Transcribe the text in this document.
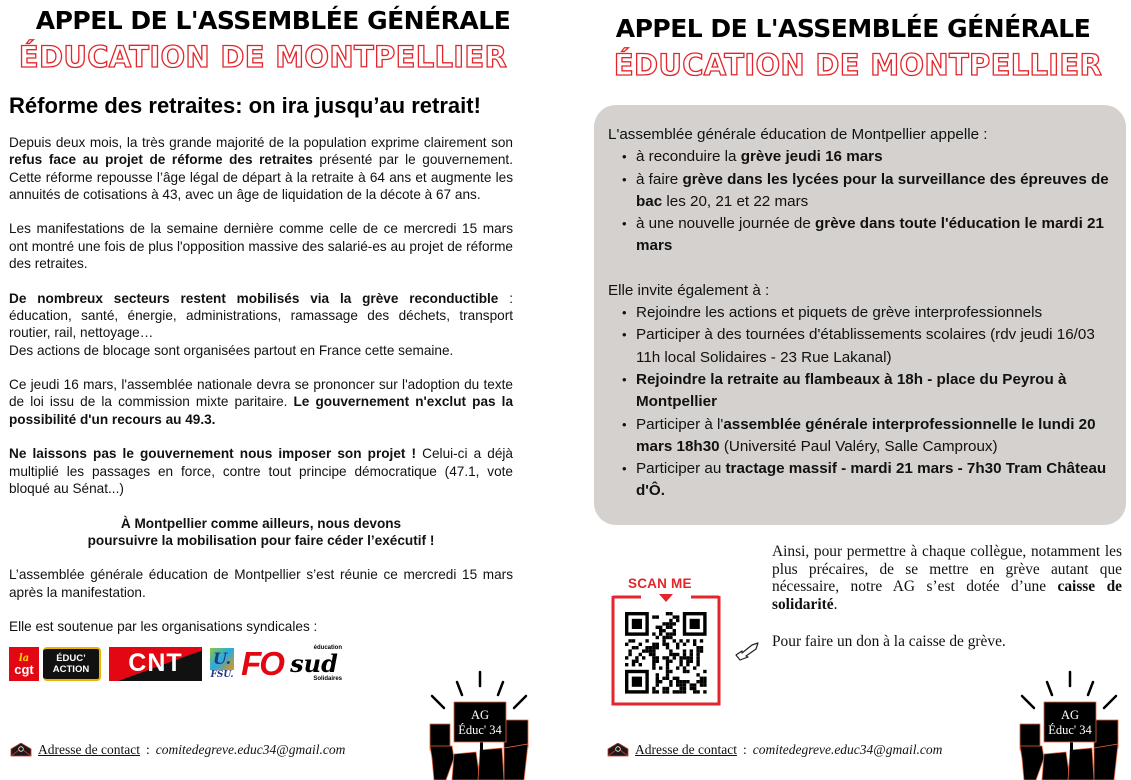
APPEL DE L'ASSEMBLÉE GÉNÉRALE
ÉDUCATION DE MONTPELLIER
Réforme des retraites: on ira jusqu’au retrait!

Depuis deux mois, la très grande majorité de la population exprime clairement son refus face au projet de réforme des retraites présenté par le gouvernement. Cette réforme repousse l’âge légal de départ à la retraite à 64 ans et augmente les annuités de cotisations à 43, avec un âge de liquidation de la décote à 67 ans.

Les manifestations de la semaine dernière comme celle de ce mercredi 15 mars ont montré une fois de plus l'opposition massive des salarié-es au projet de réforme des retraites.

De nombreux secteurs restent mobilisés via la grève reconductible : éducation, santé, énergie, administrations, ramassage des déchets, transport routier, rail, nettoyage…

Des actions de blocage sont organisées partout en France cette semaine.

Ce jeudi 16 mars, l'assemblée nationale devra se prononcer sur l'adoption du texte de loi issu de la commission mixte paritaire. Le gouvernement n'exclut pas la possibilité d'un recours au 49.3.

Ne laissons pas le gouvernement nous imposer son projet ! Celui-ci a déjà multiplié les passages en force, contre tout principe démocratique (47.1, vote bloqué au Sénat...)

À Montpellier comme ailleurs, nous devons
poursuivre la mobilisation pour faire céder l’exécutif !

L’assemblée générale éducation de Montpellier s’est réunie ce mercredi 15 mars après la manifestation.

Elle est soutenue par les organisations syndicales :

la
cgt
ÉDUC’
ACTION	CNT	U.
FSU. FO	éducation
sud
Solidaires
Adresse de contact : comitedegreve.educ34@gmail.com
AG
Éduc' 34
APPEL DE L'ASSEMBLÉE GÉNÉRALE
ÉDUCATION DE MONTPELLIER
L'assemblée générale éducation de Montpellier appelle :
• à reconduire la grève jeudi 16 mars
• à faire grève dans les lycées pour la surveillance des épreuves de bac les 20, 21 et 22 mars
• à une nouvelle journée de grève dans toute l'éducation le mardi 21 mars
Elle invite également à :
• Rejoindre les actions et piquets de grève interprofessionnels
• Participer à des tournées d'établissements scolaires (rdv jeudi 16/03 11h local Solidaires - 23 Rue Lakanal)
• Rejoindre la retraite au flambeaux à 18h - place du Peyrou à Montpellier
• Participer à l'assemblée générale interprofessionnelle le lundi 20 mars 18h30 (Université Paul Valéry, Salle Camproux)
• Participer au tractage massif - mardi 21 mars - 7h30 Tram Château d'Ô.
SCAN ME

Ainsi, pour permettre à chaque collègue, notamment les plus précaires, de se mettre en grève autant que nécessaire, notre AG s’est dotée d’une caisse de solidarité.

Pour faire un don à la caisse de grève.
Adresse de contact : comitedegreve.educ34@gmail.com
AG
Éduc' 34
